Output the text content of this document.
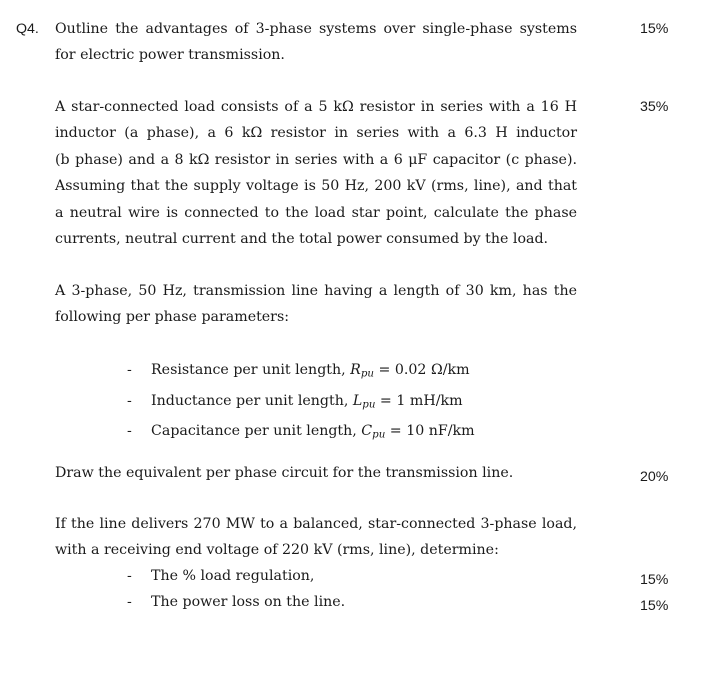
Q4. Outline the advantages of 3-phase systems over single-phase systems
for electric power transmission.
15%
A star-connected load consists of a 5 kΩ resistor in series with a 16 H
inductor (a phase), a 6 kΩ resistor in series with a 6.3 H inductor
(b phase) and a 8 kΩ resistor in series with a 6 μF capacitor (c phase).
Assuming that the supply voltage is 50 Hz, 200 kV (rms, line), and that
a neutral wire is connected to the load star point, calculate the phase
currents, neutral current and the total power consumed by the load.
35%
A 3-phase, 50 Hz, transmission line having a length of 30 km, has the
following per phase parameters:
- Resistance per unit length, $R_{pu} = 0.02$ Ω/km
- Inductance per unit length, $L_{pu} = 1$ mH/km
- Capacitance per unit length, $C_{pu} = 10$ nF/km
Draw the equivalent per phase circuit for the transmission line.	20%
If the line delivers 270 MW to a balanced, star-connected 3-phase load,
with a receiving end voltage of 220 kV (rms, line), determine:
- The % load regulation,
- The power loss on the line.
15%
15%
